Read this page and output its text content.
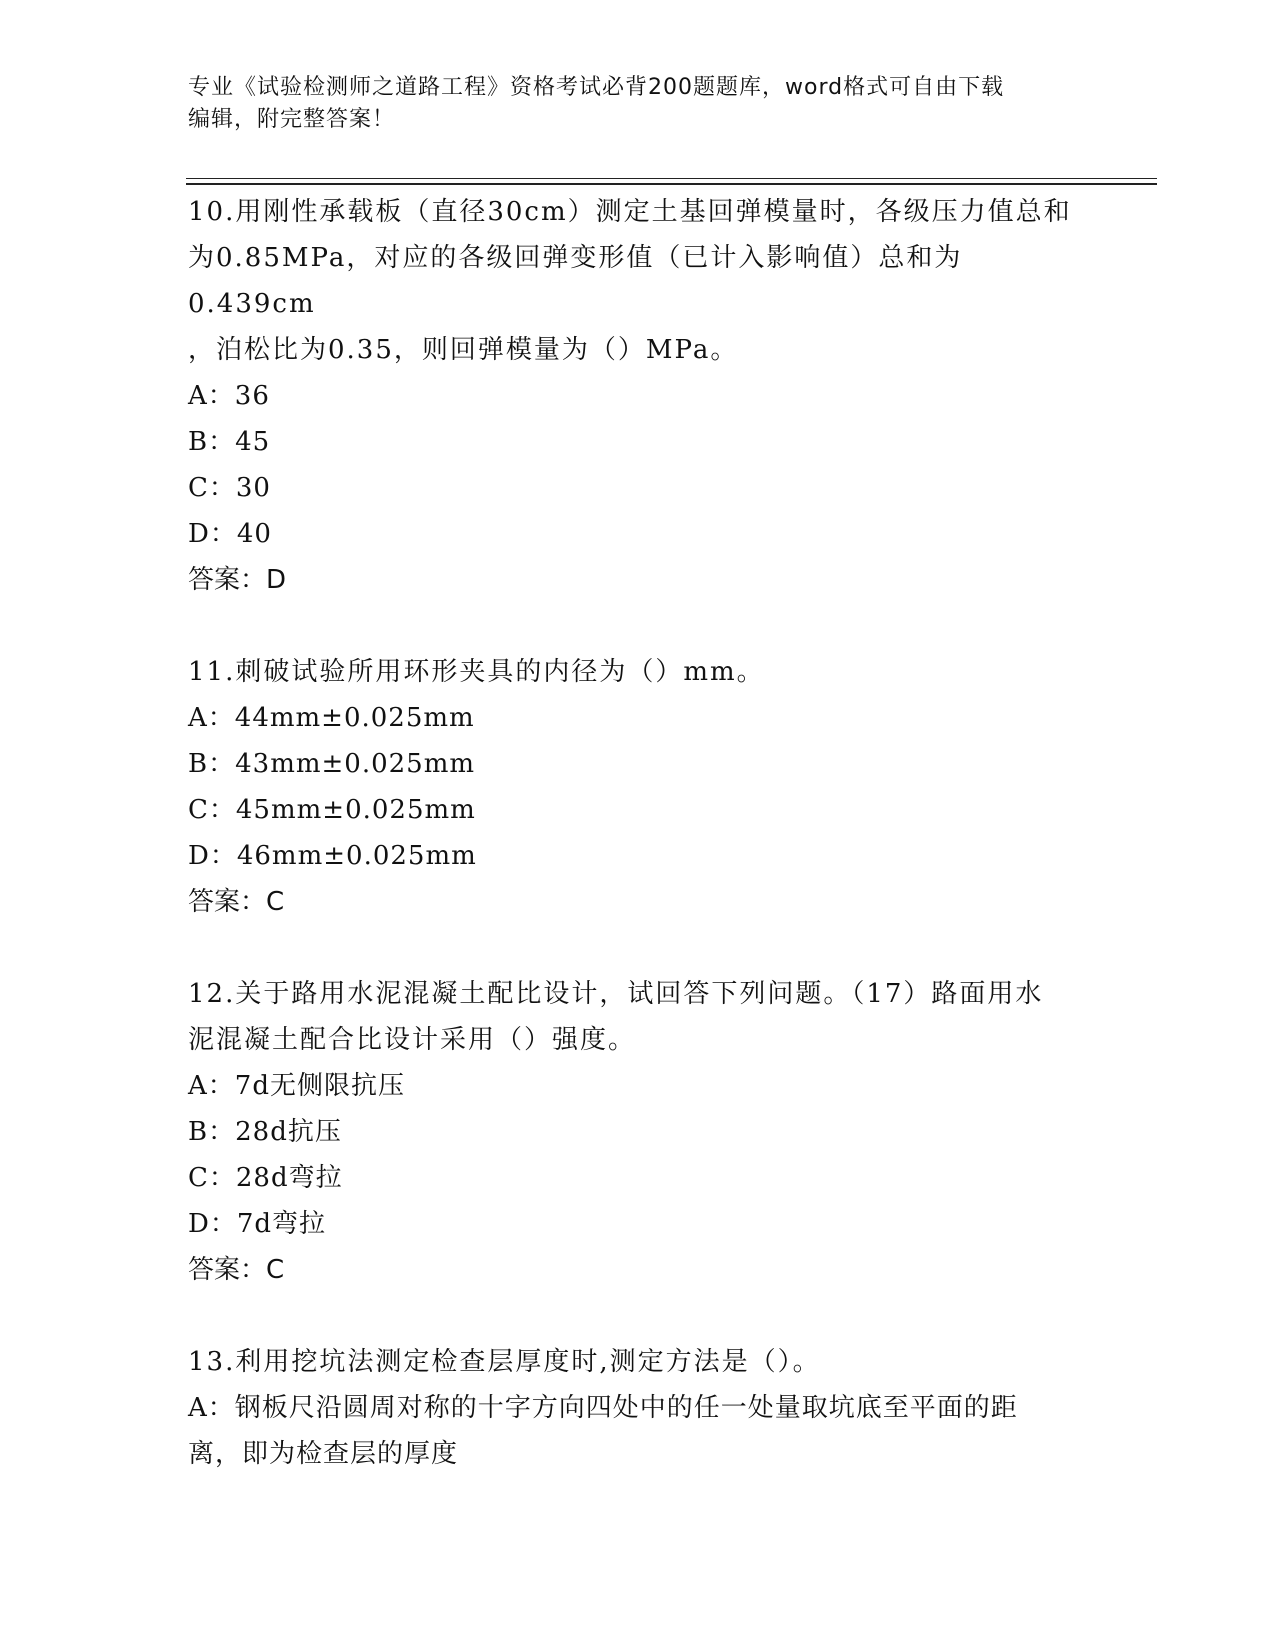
专业《试验检测师之道路工程》资格考试必背200题题库，word格式可自由下载
编辑，附完整答案！
10.用刚性承载板（直径30cm）测定土基回弹模量时，各级压力值总和
为0.85MPa，对应的各级回弹变形值（已计入影响值）总和为0.439cm
，泊松比为0.35，则回弹模量为（）MPa。
A：36
B：45
C：30
D：40
答案：D
11.刺破试验所用环形夹具的内径为（）mm。
A：44mm±0.025mm
B：43mm±0.025mm
C：45mm±0.025mm
D：46mm±0.025mm
答案：C
12.关于路用水泥混凝土配比设计，试回答下列问题。（17）路面用水
泥混凝土配合比设计采用（）强度。
A：7d无侧限抗压
B：28d抗压
C：28d弯拉
D：7d弯拉
答案：C
13.利用挖坑法测定检查层厚度时,测定方法是（）。
A：钢板尺沿圆周对称的十字方向四处中的任一处量取坑底至平面的距
离，即为检查层的厚度
